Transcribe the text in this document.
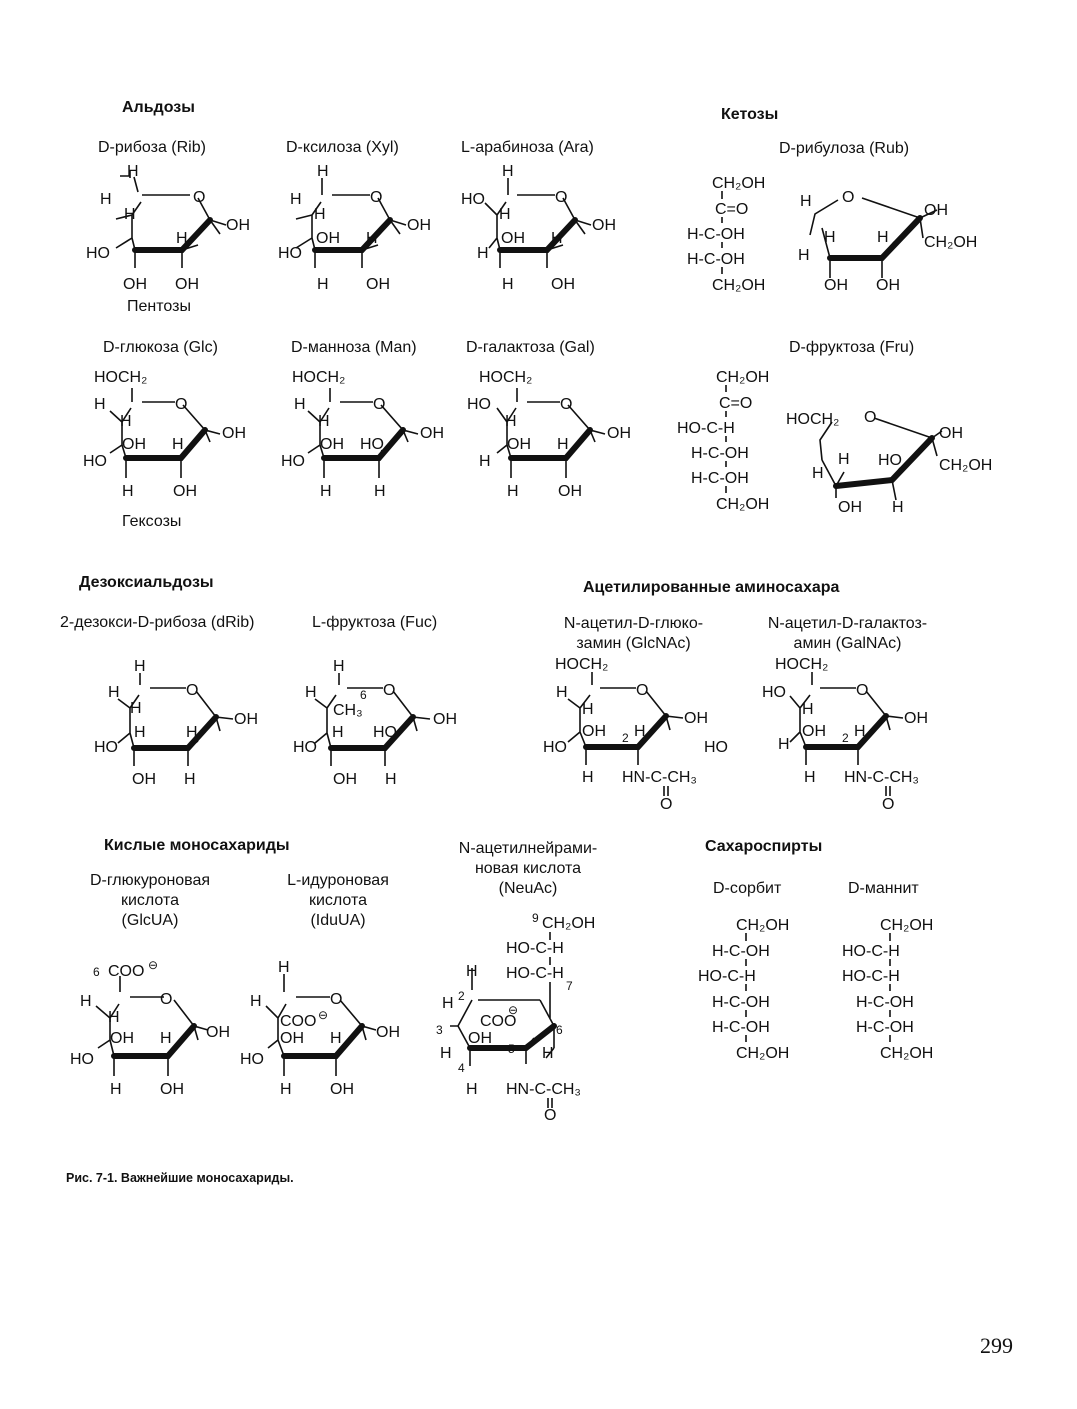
Альдозы	Кетозы
Дезоксиальдозы	Ацетилированные аминосахара
Кислые моносахариды	Сахароспирты
D-рибоза (Rib)	D-ксилоза (Xyl)	L-арабиноза (Ara)	D-рибулоза (Rub)
Пентозы
D-глюкоза (Glc)	D-манноза (Man)	D-галактоза (Gal)	D-фруктоза (Fru)
Гексозы
2-дезокси-D-рибоза (dRib)	L-фруктоза (Fuc)	N-ацетил-D-глюко-
замин (GlcNAc)
N-ацетил-D-галактоз-
амин (GalNAc)
D-глюкуроновая
кислота
(GlcUA)
L-идуроновая
кислота
(IduUA)
N-ацетилнейрами-
новая кислота
(NeuAc)	D-сорбит	D-маннит
Рис. 7-1. Важнейшие моносахариды.
299
H
O
H
H
OH
H
HO
OH OH
H
O
H
H
OH
OH H
HO
H OH
H
O
HO
H
OH
OH H
H
H OH
CH₂OH
C=O
H-C-OH
H-C-OH
CH₂OH
O
H
OH
H	H CH₂OH
H
OH OH
HOCH₂
O
H
H
OH
OH H
HO
H OH
HOCH₂
O
H
H
OH
OH HO
HO
H	H
HOCH₂
O
HO
H
OH
OH H
H
H OH
CH₂OH
C=O
HO-C-H
H-C-OH
H-C-OH
CH₂OH
HOCH₂ O
OH
H HO CH₂OH
H
OH H
H
O
H
H
OH
H	H
HO
OH H
H
O
H	6
CH₃
OH
H HO
HO
OH H
HOCH₂
O
H
H
OH
OH 2 H
HO	HO
H HN-C-CH₃
O
HOCH₂
O
HO
H
OH
OH 2 H
H
H HN-C-CH₃
O
6 COO ⊖
O
H
H
OH
OH H
HO
H OH
H
O
H
COO ⊖
OH
OH H
HO
H OH
9 CH₂OH
HO-C-H
HO-C-H
7
H
H 2
COO
⊖
6
3 OH
H	5 H
4
H HN-C-CH₃
O
CH₂OH
H-C-OH
HO-C-H
H-C-OH
H-C-OH
CH₂OH
CH₂OH
HO-C-H
HO-C-H
H-C-OH
H-C-OH
CH₂OH
